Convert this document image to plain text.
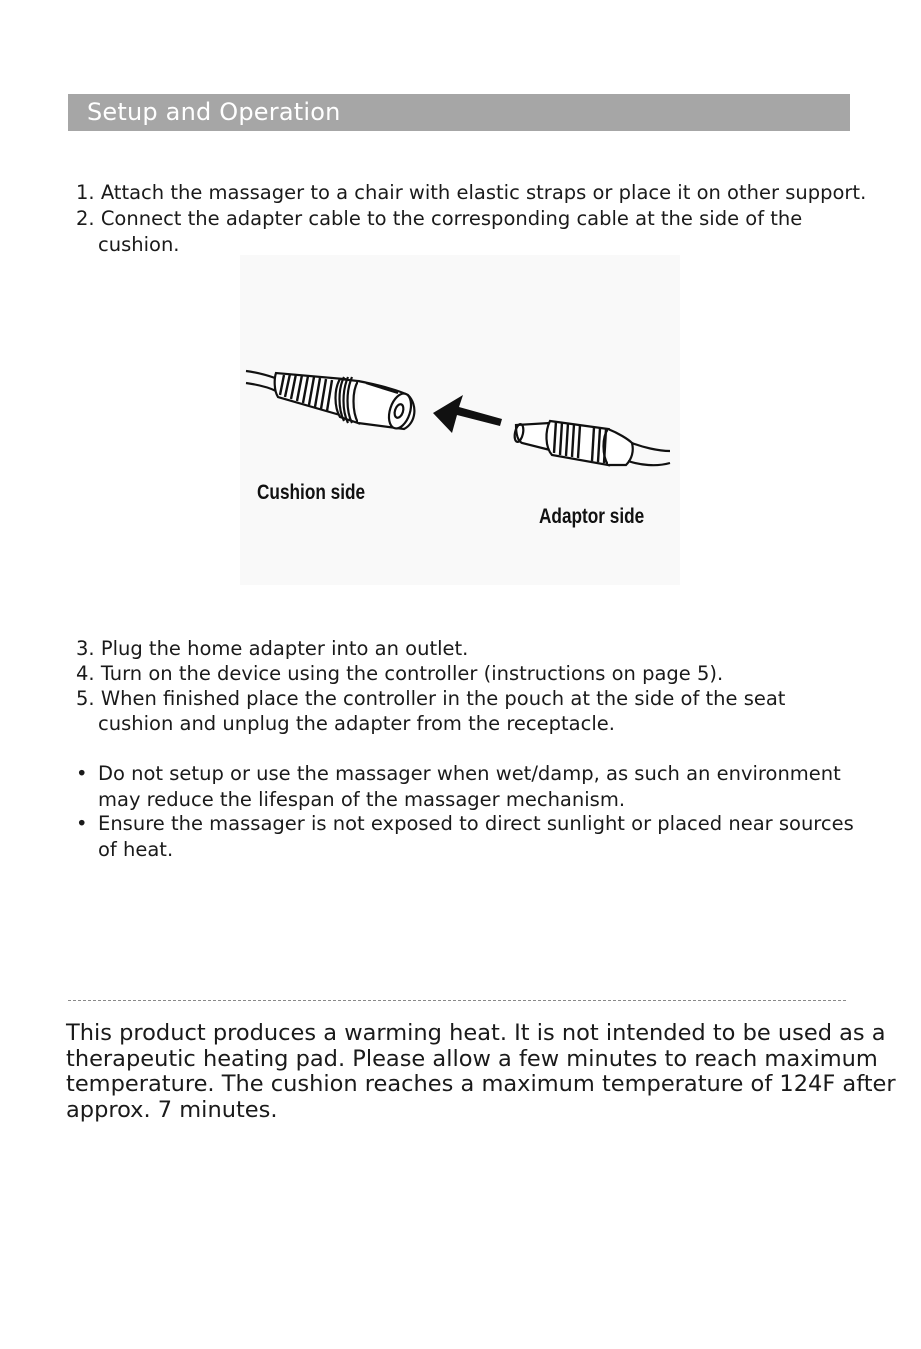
Setup and Operation
1. Attach the massager to a chair with elastic straps or place it on other support.
2. Connect the adapter cable to the corresponding cable at the side of the
cushion.
Cushion side
Adaptor side
3. Plug the home adapter into an outlet.
4. Turn on the device using the controller (instructions on page 5).
5. When finished place the controller in the pouch at the side of the seat
cushion and unplug the adapter from the receptacle.
• Do not setup or use the massager when wet/damp, as such an environment
may reduce the lifespan of the massager mechanism.
• Ensure the massager is not exposed to direct sunlight or placed near sources
of heat.
This product produces a warming heat. It is not intended to be used as a
therapeutic heating pad. Please allow a few minutes to reach maximum
temperature. The cushion reaches a maximum temperature of 124F after
approx. 7 minutes.
